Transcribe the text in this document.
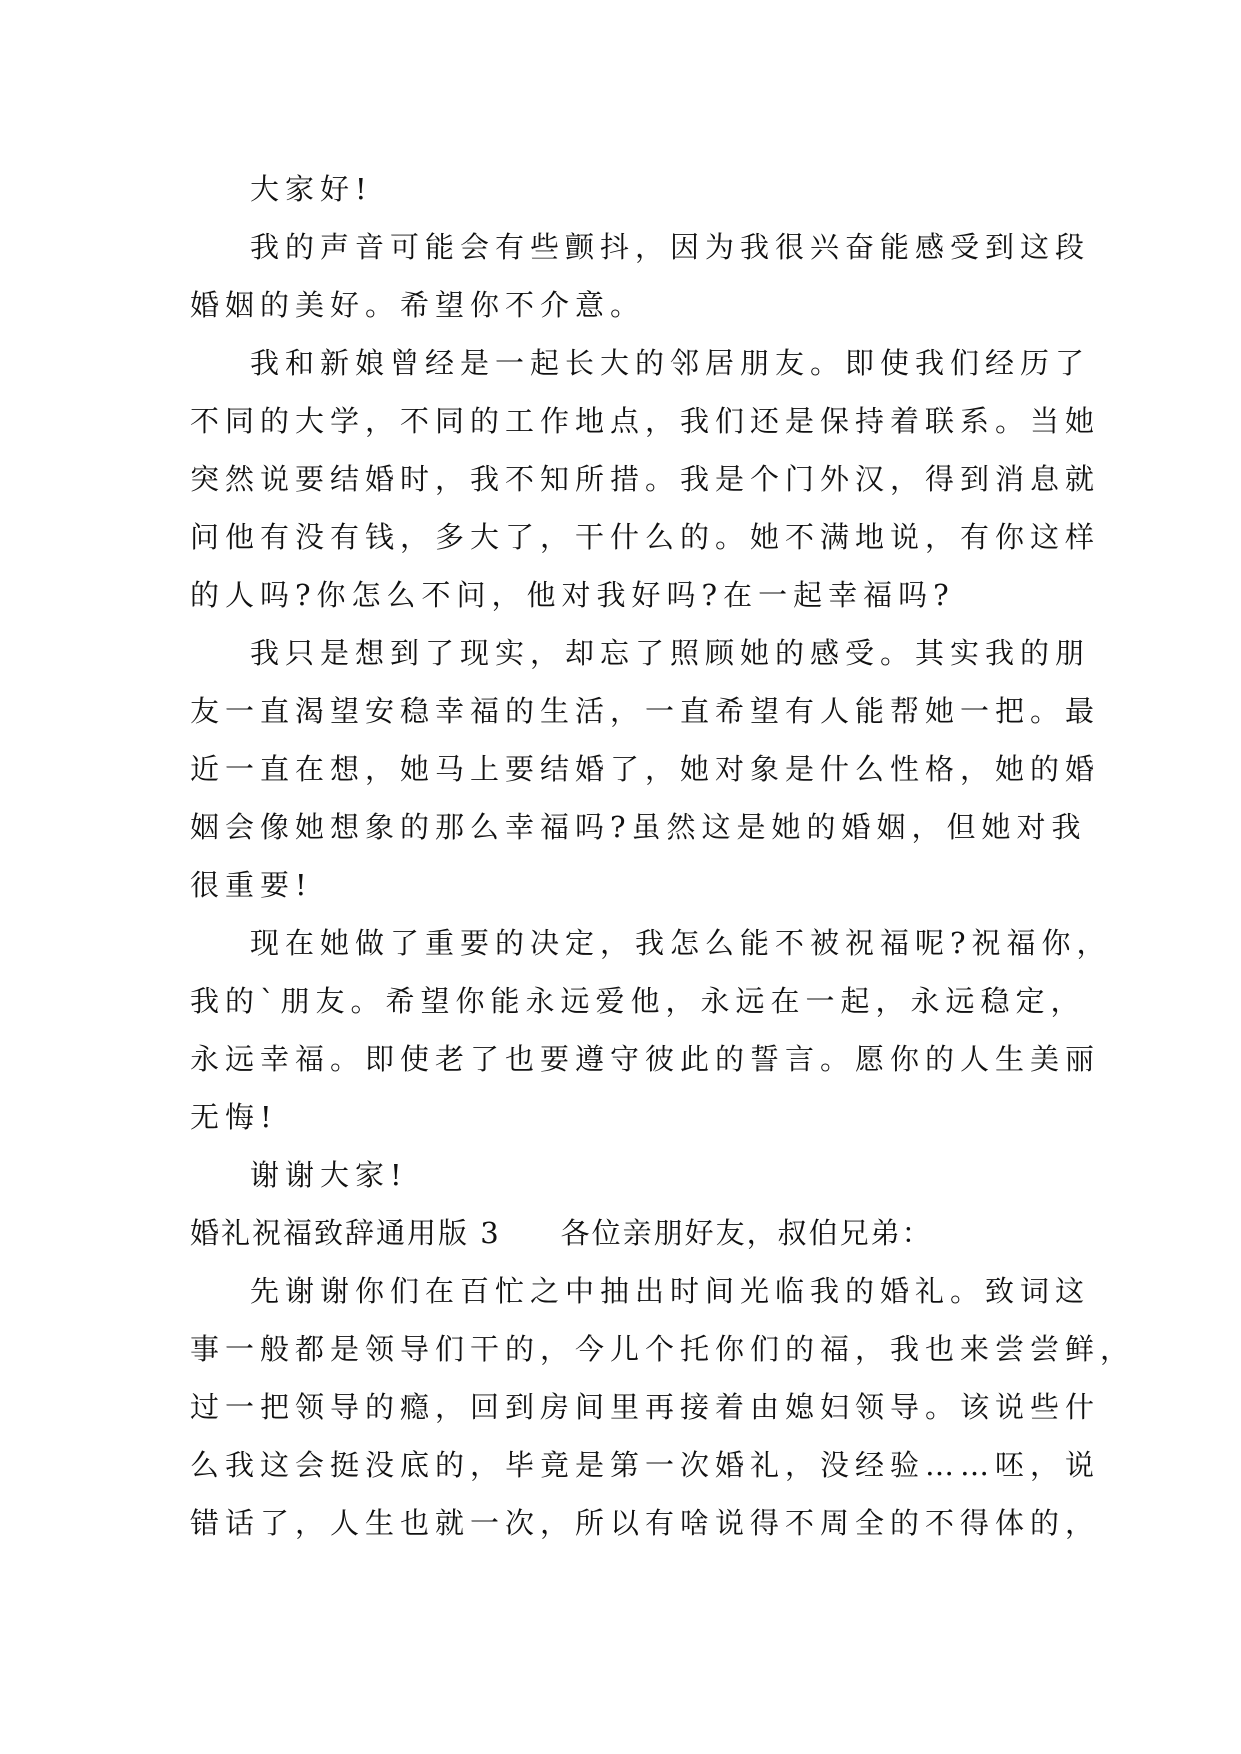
大家好!
我的声音可能会有些颤抖，因为我很兴奋能感受到这段
婚姻的美好。希望你不介意。
我和新娘曾经是一起长大的邻居朋友。即使我们经历了
不同的大学，不同的工作地点，我们还是保持着联系。当她
突然说要结婚时，我不知所措。我是个门外汉，得到消息就
问他有没有钱，多大了，干什么的。她不满地说，有你这样
的人吗?你怎么不问，他对我好吗?在一起幸福吗?
我只是想到了现实，却忘了照顾她的感受。其实我的朋
友一直渴望安稳幸福的生活，一直希望有人能帮她一把。最
近一直在想，她马上要结婚了，她对象是什么性格，她的婚
姻会像她想象的那么幸福吗?虽然这是她的婚姻，但她对我
很重要!
现在她做了重要的决定，我怎么能不被祝福呢?祝福你，
我的`朋友。希望你能永远爱他，永远在一起，永远稳定，
永远幸福。即使老了也要遵守彼此的誓言。愿你的人生美丽
无悔!
谢谢大家!
婚礼祝福致辞通用版 3 各位亲朋好友，叔伯兄弟：
先谢谢你们在百忙之中抽出时间光临我的婚礼。致词这
事一般都是领导们干的，今儿个托你们的福，我也来尝尝鲜，
过一把领导的瘾，回到房间里再接着由媳妇领导。该说些什
么我这会挺没底的，毕竟是第一次婚礼，没经验……呸，说
错话了，人生也就一次，所以有啥说得不周全的不得体的，
